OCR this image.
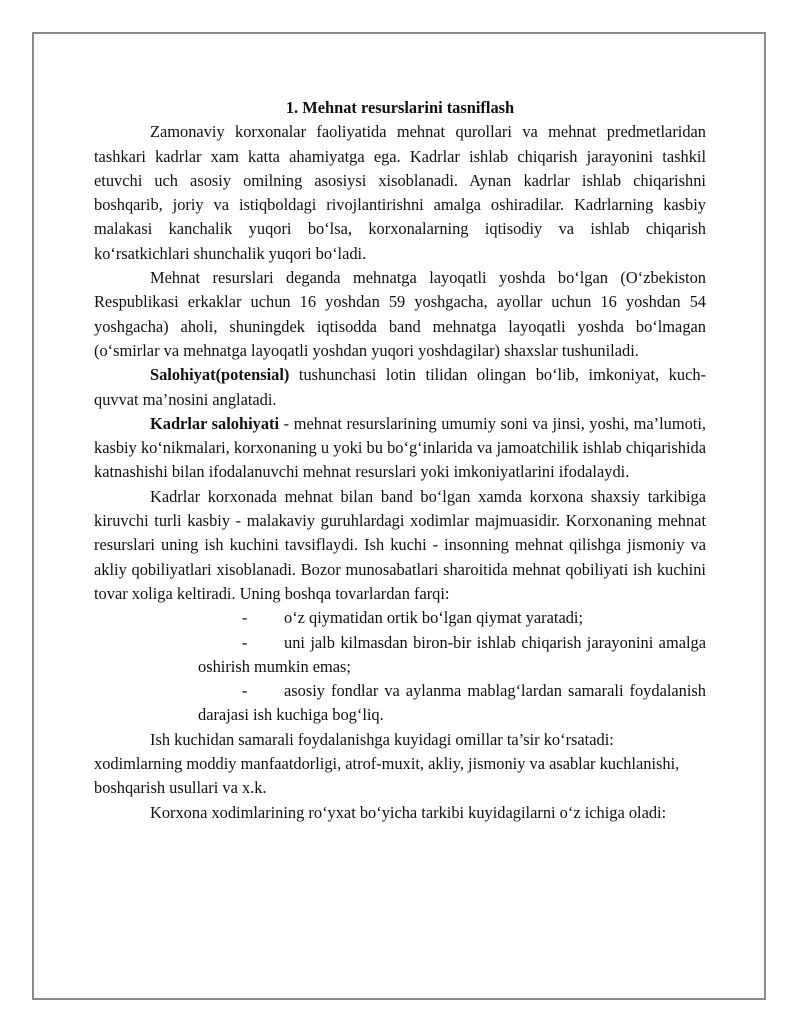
1. Mehnat resurslarini tasniflash

Zamonaviy korxonalar faoliyatida mehnat qurollari va mehnat predmetlaridan tashkari kadrlar xam katta ahamiyatga ega. Kadrlar ishlab chiqarish jarayonini tashkil etuvchi uch asosiy omilning asosiysi xisoblanadi. Aynan kadrlar ishlab chiqarishni boshqarib, joriy va istiqboldagi rivojlantirishni amalga oshiradilar. Kadrlarning kasbiy malakasi kanchalik yuqori bo‘lsa, korxonalarning iqtisodiy va ishlab chiqarish ko‘rsatkichlari shunchalik yuqori bo‘ladi.

Mehnat resurslari deganda mehnatga layoqatli yoshda bo‘lgan (O‘zbekiston Respublikasi erkaklar uchun 16 yoshdan 59 yoshgacha, ayollar uchun 16 yoshdan 54 yoshgacha) aholi, shuningdek iqtisodda band mehnatga layoqatli yoshda bo‘lmagan (o‘smirlar va mehnatga layoqatli yoshdan yuqori yoshdagilar) shaxslar tushuniladi.

Salohiyat(potensial) tushunchasi lotin tilidan olingan bo‘lib, imkoniyat, kuch-quvvat ma’nosini anglatadi.

Kadrlar salohiyati - mehnat resurslarining umumiy soni va jinsi, yoshi, ma’lumoti, kasbiy ko‘nikmalari, korxonaning u yoki bu bo‘g‘inlarida va jamoatchilik ishlab chiqarishida katnashishi bilan ifodalanuvchi mehnat resurslari yoki imkoniyatlarini ifodalaydi.

Kadrlar korxonada mehnat bilan band bo‘lgan xamda korxona shaxsiy tarkibiga kiruvchi turli kasbiy - malakaviy guruhlardagi xodimlar majmuasidir. Korxonaning mehnat resurslari uning ish kuchini tavsiflaydi. Ish kuchi - insonning mehnat qilishga jismoniy va akliy qobiliyatlari xisoblanadi. Bozor munosabatlari sharoitida mehnat qobiliyati ish kuchini tovar xoliga keltiradi. Uning boshqa tovarlardan farqi:

- o‘z qiymatidan ortik bo‘lgan qiymat yaratadi;
- uni jalb kilmasdan biron-bir ishlab chiqarish jarayonini amalga oshirish mumkin emas;
- asosiy fondlar va aylanma mablag‘lardan samarali foydalanish darajasi ish kuchiga bog‘liq.

Ish kuchidan samarali foydalanishga kuyidagi omillar ta’sir ko‘rsatadi: xodimlarning moddiy manfaatdorligi, atrof-muxit, akliy, jismoniy va asablar kuchlanishi, boshqarish usullari va x.k.

Korxona xodimlarining ro‘yxat bo‘yicha tarkibi kuyidagilarni o‘z ichiga oladi:
